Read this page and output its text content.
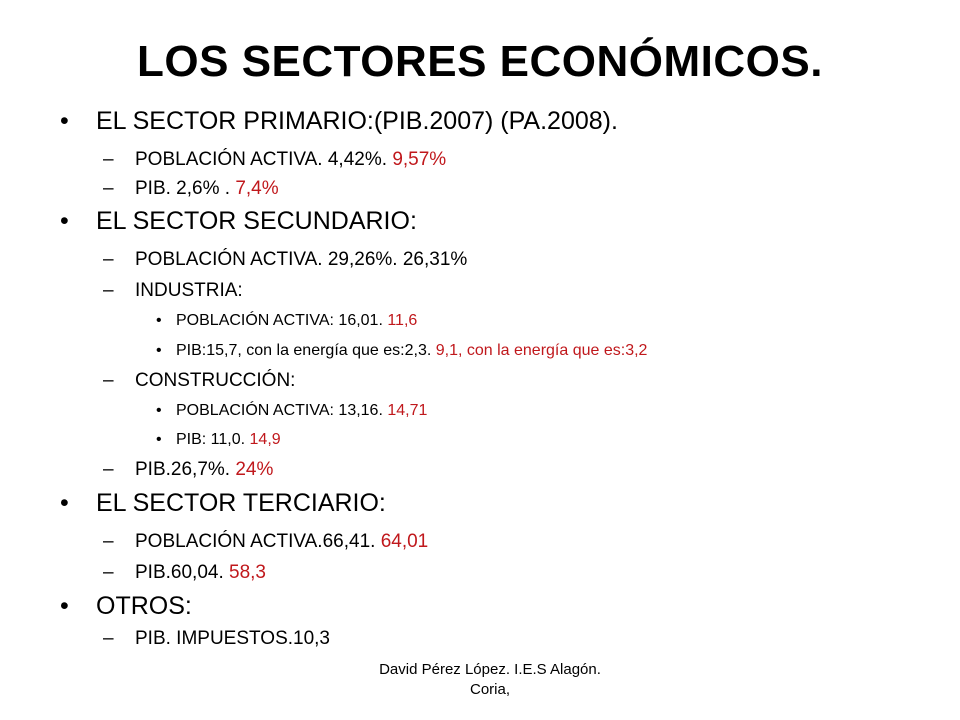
LOS SECTORES ECONÓMICOS.
• EL SECTOR PRIMARIO:(PIB.2007) (PA.2008).
– POBLACIÓN ACTIVA. 4,42%. 9,57%
– PIB. 2,6% . 7,4%
• EL SECTOR SECUNDARIO:
– POBLACIÓN ACTIVA. 29,26%. 26,31%
– INDUSTRIA:
• POBLACIÓN ACTIVA: 16,01. 11,6
• PIB:15,7, con la energía que es:2,3. 9,1, con la energía que es:3,2
– CONSTRUCCIÓN:
• POBLACIÓN ACTIVA: 13,16. 14,71
• PIB: 11,0. 14,9
– PIB.26,7%. 24%
• EL SECTOR TERCIARIO:
– POBLACIÓN ACTIVA.66,41. 64,01
– PIB.60,04. 58,3
• OTROS:
– PIB. IMPUESTOS.10,3
David Pérez López. I.E.S Alagón.
Coria,
